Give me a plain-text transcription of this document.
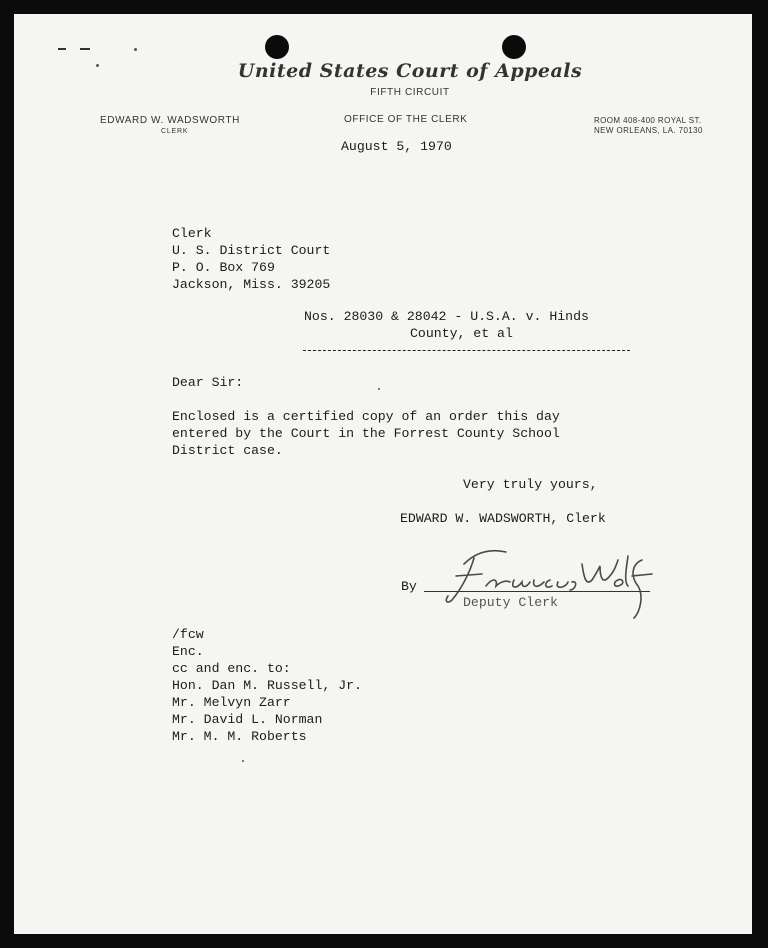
United States Court of Appeals
FIFTH CIRCUIT
EDWARD W. WADSWORTH
CLERK
OFFICE OF THE CLERK	ROOM 408-400 ROYAL ST.
NEW ORLEANS, LA. 70130
August 5, 1970
Clerk
U. S. District Court
P. O. Box 769
Jackson, Miss. 39205
Nos. 28030 & 28042 - U.S.A. v. Hinds
County, et al
Dear Sir:
Enclosed is a certified copy of an order this day
entered by the Court in the Forrest County School
District case.
Very truly yours,
EDWARD W. WADSWORTH, Clerk
By
Deputy Clerk
/fcw
Enc.
cc and enc. to:
Hon. Dan M. Russell, Jr.
Mr. Melvyn Zarr
Mr. David L. Norman
Mr. M. M. Roberts
